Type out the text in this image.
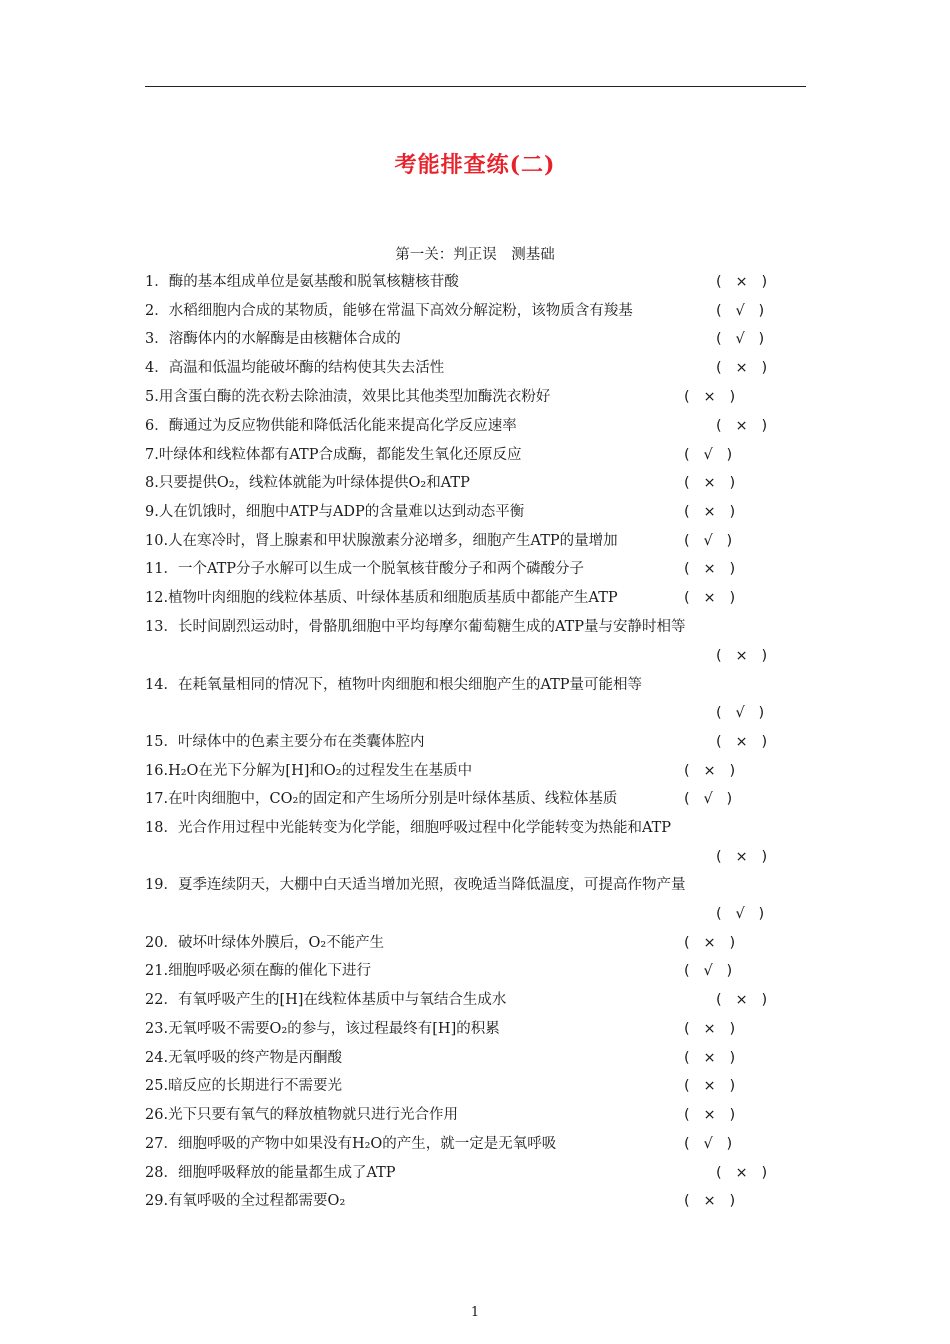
考能排查练(二)
第一关：判正误　测基础
1．酶的基本组成单位是氨基酸和脱氧核糖核苷酸	(   ×   )
2．水稻细胞内合成的某物质，能够在常温下高效分解淀粉，该物质含有羧基	(   √   )
3．溶酶体内的水解酶是由核糖体合成的	(   √   )
4．高温和低温均能破坏酶的结构使其失去活性	(   ×   )
5.用含蛋白酶的洗衣粉去除油渍，效果比其他类型加酶洗衣粉好	(   ×   )
6．酶通过为反应物供能和降低活化能来提高化学反应速率	(   ×   )
7.叶绿体和线粒体都有ATP合成酶，都能发生氧化还原反应	(   √   )
8.只要提供O₂，线粒体就能为叶绿体提供O₂和ATP	(   ×   )
9.人在饥饿时，细胞中ATP与ADP的含量难以达到动态平衡	(   ×   )
10.人在寒冷时，肾上腺素和甲状腺激素分泌增多，细胞产生ATP的量增加	(   √   )
11．一个ATP分子水解可以生成一个脱氧核苷酸分子和两个磷酸分子	(   ×   )
12.植物叶肉细胞的线粒体基质、叶绿体基质和细胞质基质中都能产生ATP	(   ×   )
13．长时间剧烈运动时，骨骼肌细胞中平均每摩尔葡萄糖生成的ATP量与安静时相等
(   ×   )
14．在耗氧量相同的情况下，植物叶肉细胞和根尖细胞产生的ATP量可能相等
(   √   )
15．叶绿体中的色素主要分布在类囊体腔内	(   ×   )
16.H₂O在光下分解为[H]和O₂的过程发生在基质中	(   ×   )
17.在叶肉细胞中，CO₂的固定和产生场所分别是叶绿体基质、线粒体基质	(   √   )
18．光合作用过程中光能转变为化学能，细胞呼吸过程中化学能转变为热能和ATP
(   ×   )
19．夏季连续阴天，大棚中白天适当增加光照，夜晚适当降低温度，可提高作物产量
(   √   )
20．破坏叶绿体外膜后，O₂不能产生	(   ×   )
21.细胞呼吸必须在酶的催化下进行	(   √   )
22．有氧呼吸产生的[H]在线粒体基质中与氧结合生成水	(   ×   )
23.无氧呼吸不需要O₂的参与，该过程最终有[H]的积累	(   ×   )
24.无氧呼吸的终产物是丙酮酸	(   ×   )
25.暗反应的长期进行不需要光	(   ×   )
26.光下只要有氧气的释放植物就只进行光合作用	(   ×   )
27．细胞呼吸的产物中如果没有H₂O的产生，就一定是无氧呼吸	(   √   )
28．细胞呼吸释放的能量都生成了ATP	(   ×   )
29.有氧呼吸的全过程都需要O₂	(   ×   )
1
